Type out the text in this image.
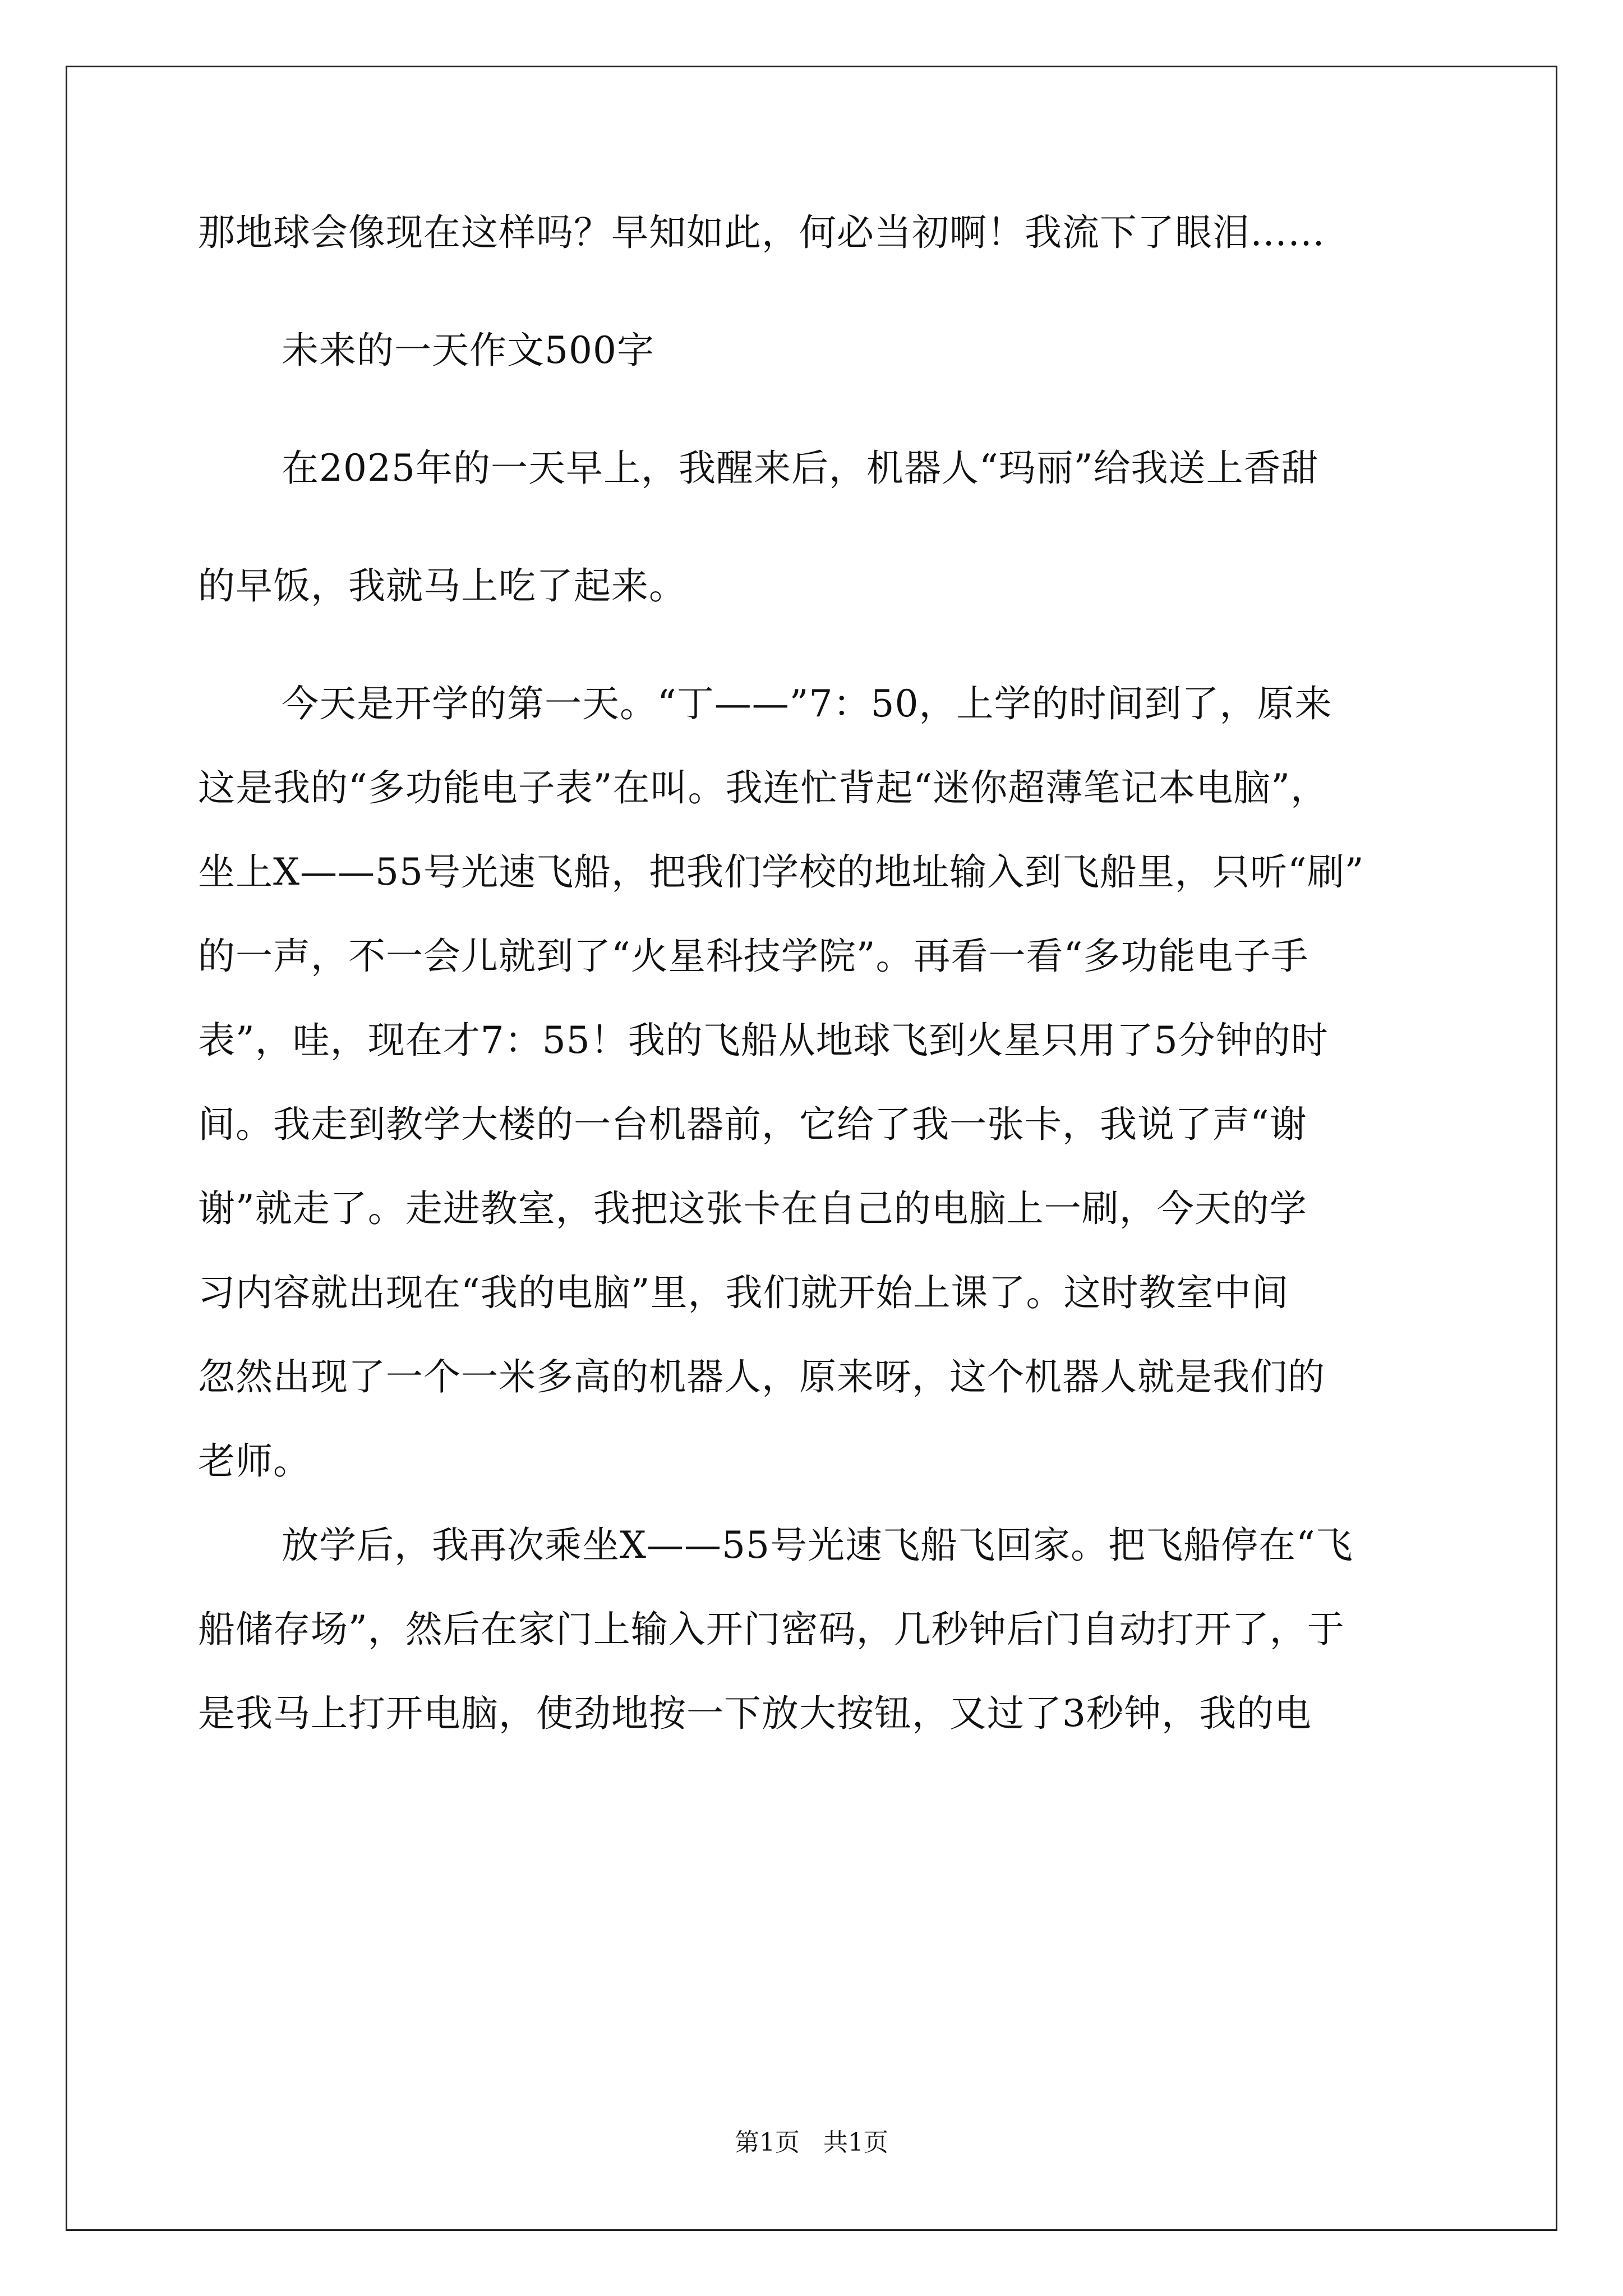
那地球会像现在这样吗？早知如此，何必当初啊！我流下了眼泪……
未来的一天作文500字
在2025年的一天早上，我醒来后，机器人“玛丽”给我送上香甜
的早饭，我就马上吃了起来。
今天是开学的第一天。“丁——”7：50，上学的时间到了，原来
这是我的“多功能电子表”在叫。我连忙背起“迷你超薄笔记本电脑”，
坐上X——55号光速飞船，把我们学校的地址输入到飞船里，只听“刷”
的一声，不一会儿就到了“火星科技学院”。再看一看“多功能电子手
表”，哇，现在才7：55！我的飞船从地球飞到火星只用了5分钟的时
间。我走到教学大楼的一台机器前，它给了我一张卡，我说了声“谢
谢”就走了。走进教室，我把这张卡在自己的电脑上一刷，今天的学
习内容就出现在“我的电脑”里，我们就开始上课了。这时教室中间
忽然出现了一个一米多高的机器人，原来呀，这个机器人就是我们的
老师。
放学后，我再次乘坐X——55号光速飞船飞回家。把飞船停在“飞
船储存场”，然后在家门上输入开门密码，几秒钟后门自动打开了，于
是我马上打开电脑，使劲地按一下放大按钮，又过了3秒钟，我的电
第1页   共1页
